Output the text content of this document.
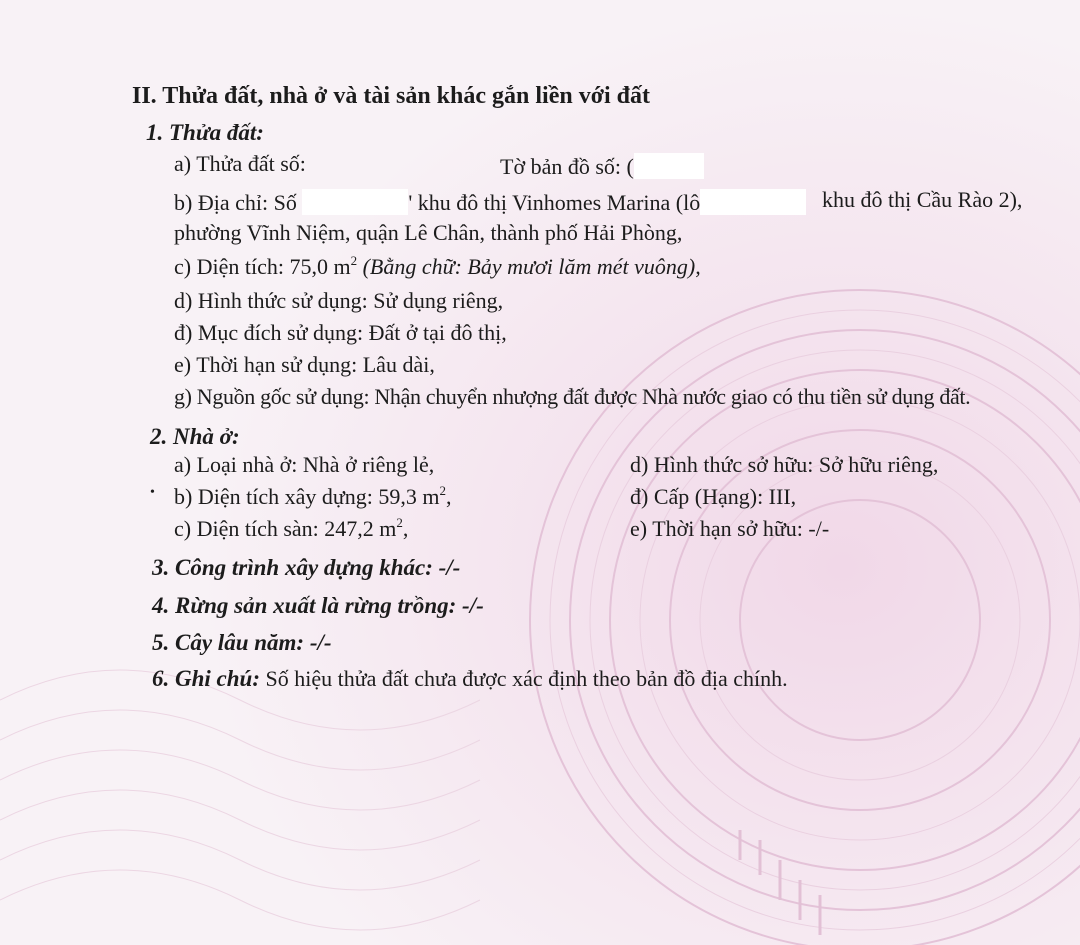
II. Thửa đất, nhà ở và tài sản khác gắn liền với đất
1. Thửa đất:
a) Thửa đất số:	Tờ bản đồ số: (
b) Địa chỉ: Số	' khu đô thị Vinhomes Marina (lô	khu đô thị Cầu Rào 2),
phường Vĩnh Niệm, quận Lê Chân, thành phố Hải Phòng,
c) Diện tích: 75,0 $m^2$ (Bằng chữ: Bảy mươi lăm mét vuông),
d) Hình thức sử dụng: Sử dụng riêng,
đ) Mục đích sử dụng: Đất ở tại đô thị,
e) Thời hạn sử dụng: Lâu dài,
g) Nguồn gốc sử dụng: Nhận chuyển nhượng đất được Nhà nước giao có thu tiền sử dụng đất.
2. Nhà ở:
a) Loại nhà ở: Nhà ở riêng lẻ,	d) Hình thức sở hữu: Sở hữu riêng,
• b) Diện tích xây dựng: 59,3 $m^2$,	đ) Cấp (Hạng): III,
c) Diện tích sàn: 247,2 $m^2$,	e) Thời hạn sở hữu: -/-
3. Công trình xây dựng khác: -/-
4. Rừng sản xuất là rừng trồng: -/-
5. Cây lâu năm: -/-
6. Ghi chú: Số hiệu thửa đất chưa được xác định theo bản đồ địa chính.
